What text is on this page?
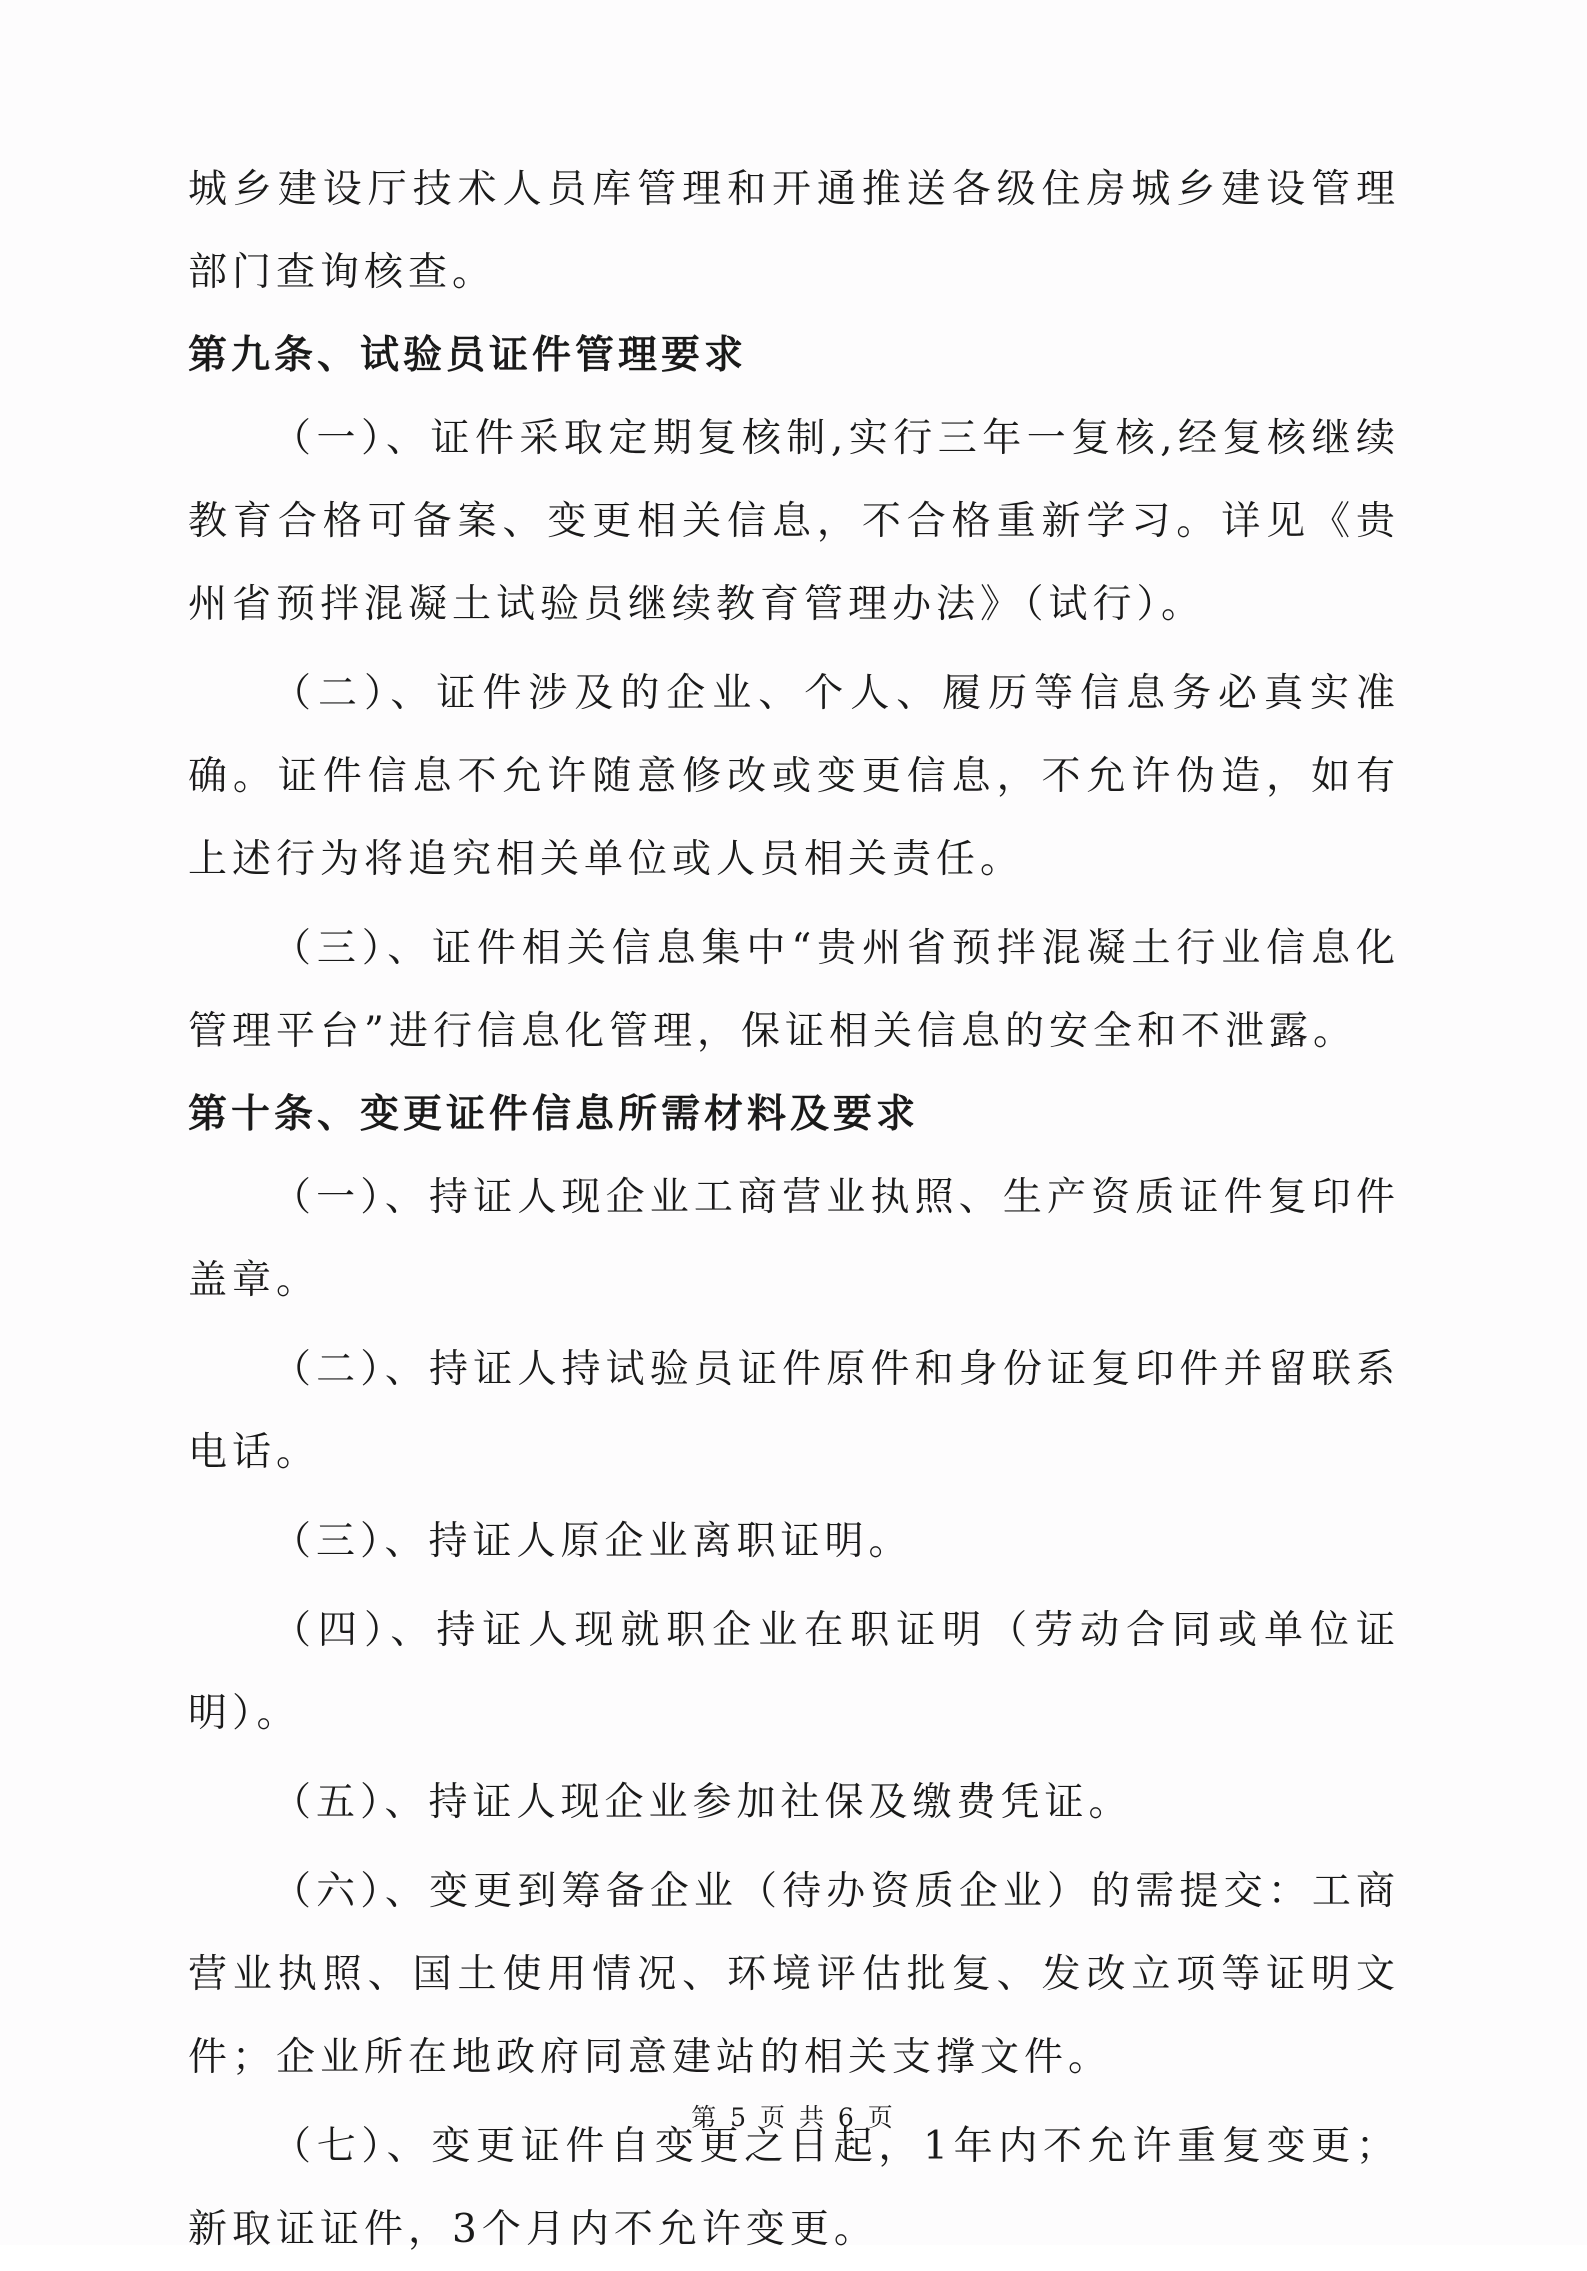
城乡建设厅技术人员库管理和开通推送各级住房城乡建设管理部门查询核查。

第九条、试验员证件管理要求

（一）、证件采取定期复核制,实行三年一复核,经复核继续教育合格可备案、变更相关信息，不合格重新学习。详见《贵州省预拌混凝土试验员继续教育管理办法》（试行）。

（二）、证件涉及的企业、个人、履历等信息务必真实准确。证件信息不允许随意修改或变更信息，不允许伪造，如有上述行为将追究相关单位或人员相关责任。

（三）、证件相关信息集中“贵州省预拌混凝土行业信息化管理平台”进行信息化管理，保证相关信息的安全和不泄露。

第十条、变更证件信息所需材料及要求

（一）、持证人现企业工商营业执照、生产资质证件复印件盖章。

（二）、持证人持试验员证件原件和身份证复印件并留联系电话。

（三）、持证人原企业离职证明。

（四）、持证人现就职企业在职证明（劳动合同或单位证明）。

（五）、持证人现企业参加社保及缴费凭证。

（六）、变更到筹备企业（待办资质企业）的需提交：工商营业执照、国土使用情况、环境评估批复、发改立项等证明文件；企业所在地政府同意建站的相关支撑文件。

（七）、变更证件自变更之日起，1年内不允许重复变更；新取证证件，3个月内不允许变更。

第 5 页 共 6 页
